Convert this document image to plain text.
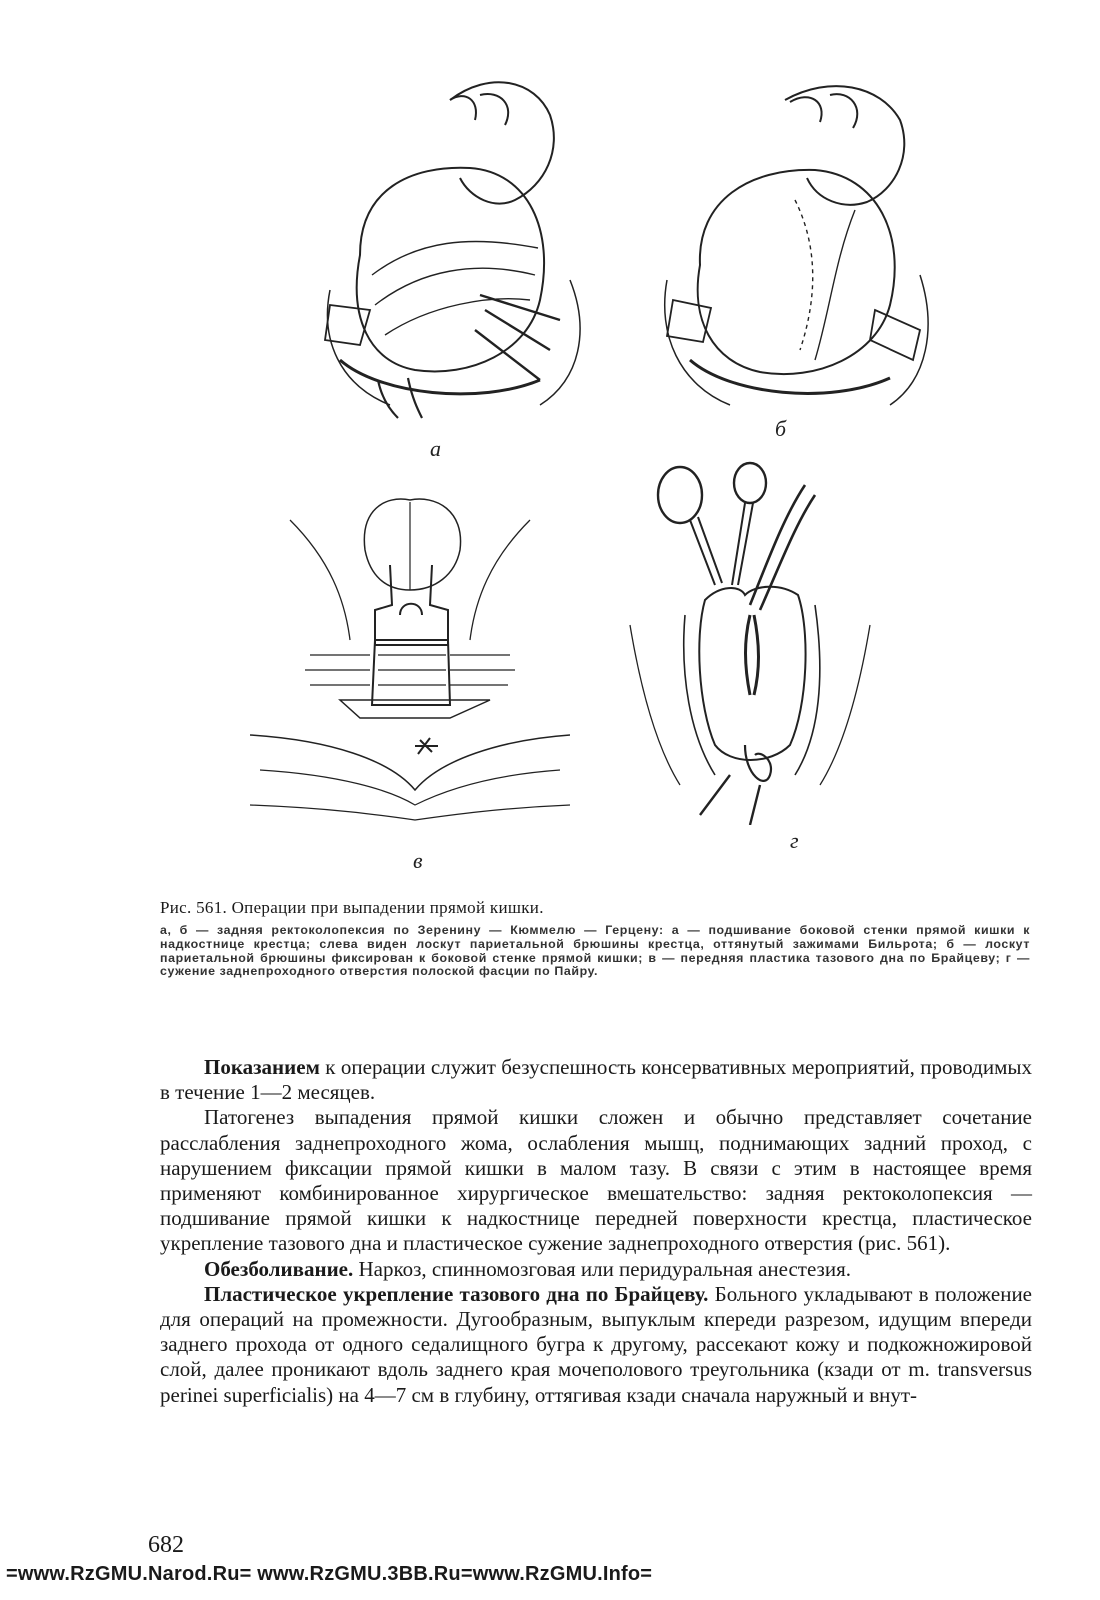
а
б
в
г

Рис. 561. Операции при выпадении прямой кишки.

а, б — задняя ректоколопексия по Зеренину — Кюммелю — Герцену: а — подшивание боковой стенки прямой кишки к надкостнице крестца; слева виден лоскут париетальной брюшины крестца, оттянутый зажимами Бильрота; б — лоскут париетальной брюшины фиксирован к боковой стенке прямой кишки; в — передняя пластика тазового дна по Брайцеву; г — сужение заднепроходного отверстия полоской фасции по Пайру.

Показанием к операции служит безуспешность консервативных мероприятий, проводимых в течение 1—2 месяцев.

Патогенез выпадения прямой кишки сложен и обычно представляет сочетание расслабления заднепроходного жома, ослабления мышц, поднимающих задний проход, с нарушением фиксации прямой кишки в малом тазу. В связи с этим в настоящее время применяют комбинированное хирургическое вмешательство: задняя ректоколопексия — подшивание прямой кишки к надкостнице передней поверхности крестца, пластическое укрепление тазового дна и пластическое сужение заднепроходного отверстия (рис. 561).

Обезболивание. Наркоз, спинномозговая или перидуральная анестезия.

Пластическое укрепление тазового дна по Брайцеву. Больного укладывают в положение для операций на промежности. Дугообразным, выпуклым кпереди разрезом, идущим впереди заднего прохода от одного седалищного бугра к другому, рассекают кожу и подкожножировой слой, далее проникают вдоль заднего края мочеполового треугольника (кзади от m. transversus perinei superficialis) на 4—7 см в глубину, оттягивая кзади сначала наружный и внут-

682
=www.RzGMU.Narod.Ru= www.RzGMU.3BB.Ru=www.RzGMU.Info=
